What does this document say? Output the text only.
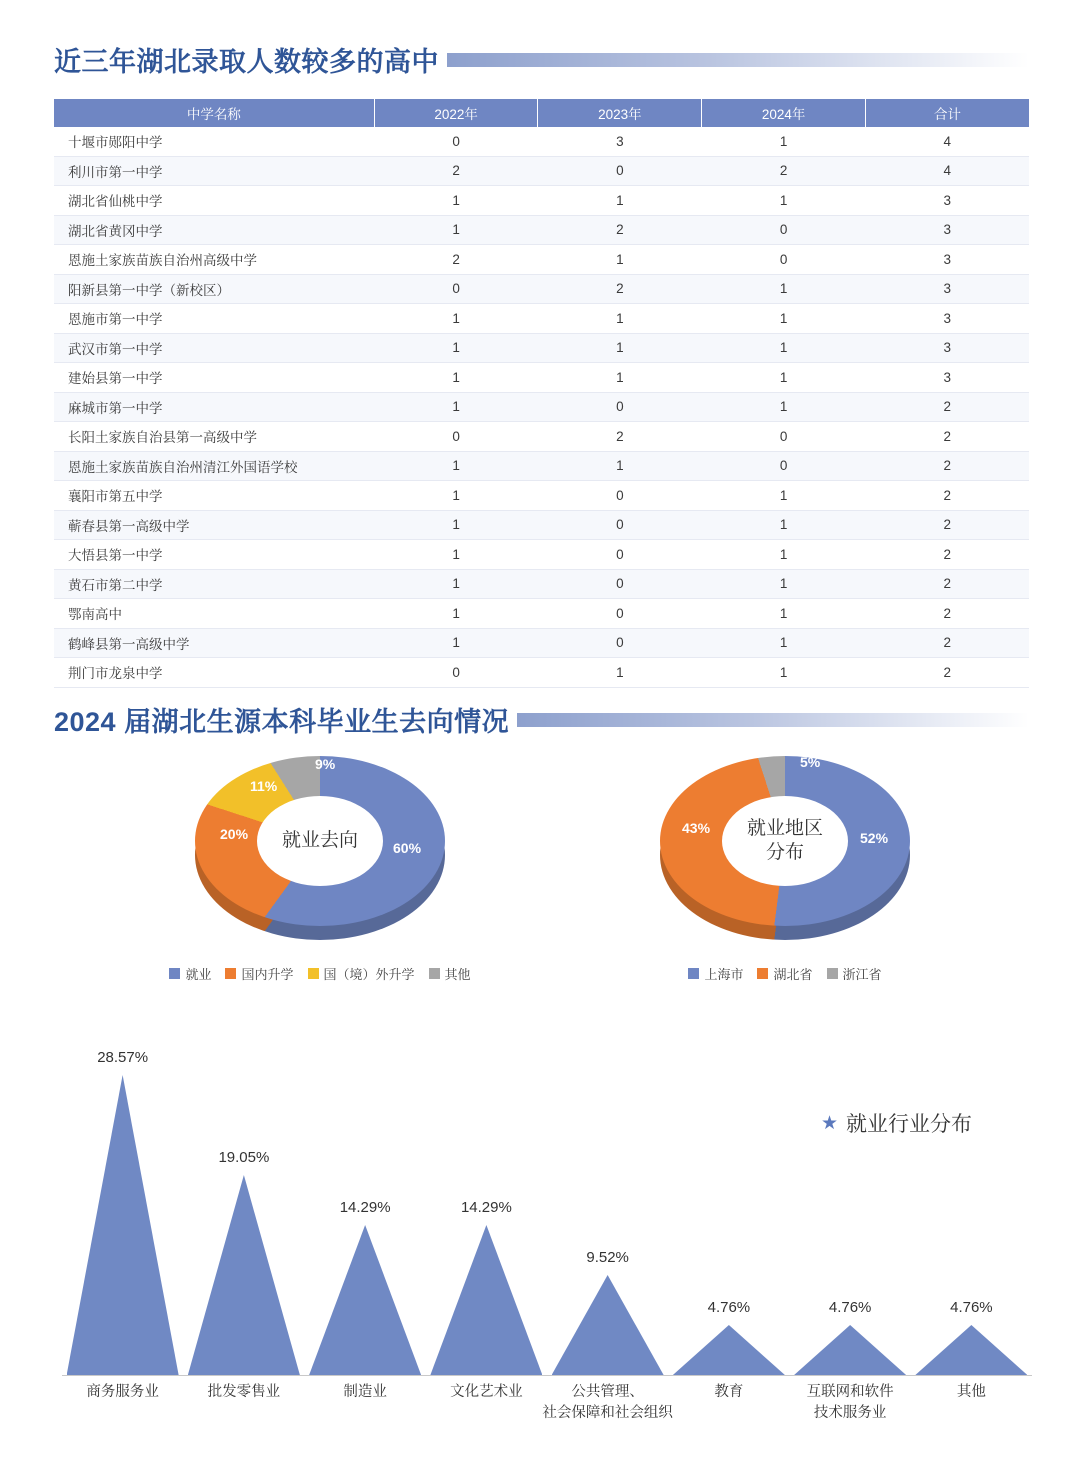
近三年湖北录取人数较多的高中
中学名称	2022年	2023年	2024年	合计
十堰市郧阳中学	0	3	1	4
利川市第一中学	2	0	2	4
湖北省仙桃中学	1	1	1	3
湖北省黄冈中学	1	2	0	3
恩施土家族苗族自治州高级中学	2	1	0	3
阳新县第一中学（新校区）	0	2	1	3
恩施市第一中学	1	1	1	3
武汉市第一中学	1	1	1	3
建始县第一中学	1	1	1	3
麻城市第一中学	1	0	1	2
长阳土家族自治县第一高级中学	0	2	0	2
恩施土家族苗族自治州清江外国语学校	1	1	0	2
襄阳市第五中学	1	0	1	2
蕲春县第一高级中学	1	0	1	2
大悟县第一中学	1	0	1	2
黄石市第二中学	1	0	1	2
鄂南高中	1	0	1	2
鹤峰县第一高级中学	1	0	1	2
荆门市龙泉中学	0	1	1	2
2024 届湖北生源本科毕业生去向情况
就业去向	60%
20%
11%
9%
就业 国内升学 国（境）外升学 其他
就业地区
分布
52%
43%
5%
上海市 湖北省 浙江省
★ 就业行业分布
28.57%
19.05%
14.29%	14.29%
9.52%
4.76%	4.76%	4.76%
商务服务业	批发零售业	制造业	文化艺术业	公共管理、
社会保障和社会组织
教育	互联网和软件
技术服务业
其他
